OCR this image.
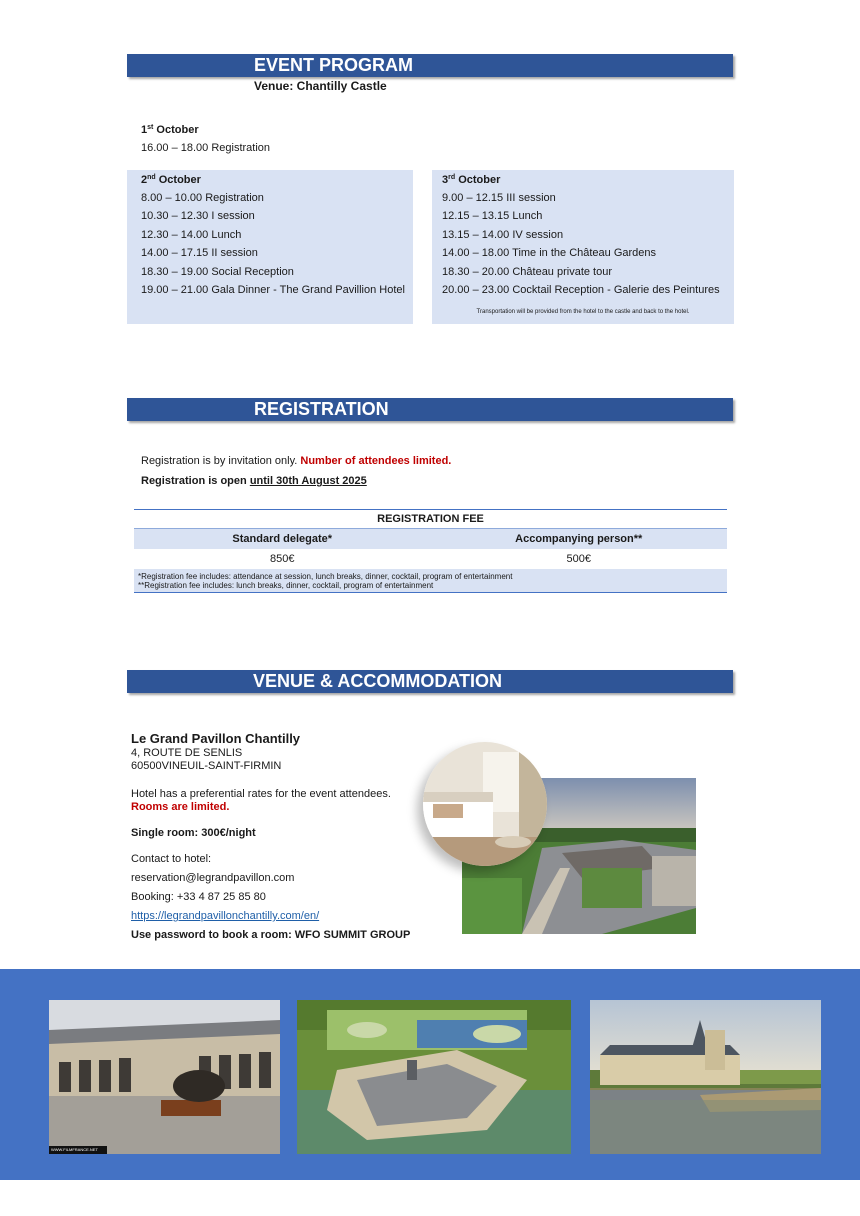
EVENT PROGRAM
Venue: Chantilly Castle
1st October
16.00 – 18.00 Registration
2nd October
8.00 – 10.00 Registration
10.30 – 12.30 I session
12.30 – 14.00 Lunch
14.00 – 17.15 II session
18.30 – 19.00 Social Reception
19.00 – 21.00 Gala Dinner - The Grand Pavillion Hotel
3rd October
9.00 – 12.15 III session
12.15 – 13.15 Lunch
13.15 – 14.00 IV session
14.00 – 18.00 Time in the Château Gardens
18.30 – 20.00 Château private tour
20.00 – 23.00 Cocktail Reception - Galerie des Peintures
Transportation will be provided from the hotel to the castle and back to the hotel.
REGISTRATION
Registration is by invitation only. Number of attendees limited.
Registration is open until 30th August 2025
REGISTRATION FEE
Standard delegate*	Accompanying person**
850€	500€
*Registration fee includes: attendance at session, lunch breaks, dinner, cocktail, program of entertainment
**Registration fee includes: lunch breaks, dinner, cocktail, program of entertainment
VENUE & ACCOMMODATION
Le Grand Pavillon Chantilly
4, ROUTE DE SENLIS
60500VINEUIL-SAINT-FIRMIN
Hotel has a preferential rates for the event attendees.
Rooms are limited.
Single room: 300€/night
Contact to hotel:
reservation@legrandpavillon.com
Booking: +33 4 87 25 85 80
https://legrandpavillonchantilly.com/en/
Use password to book a room: WFO SUMMIT GROUP
WWW.FILMFRANCE.NET
